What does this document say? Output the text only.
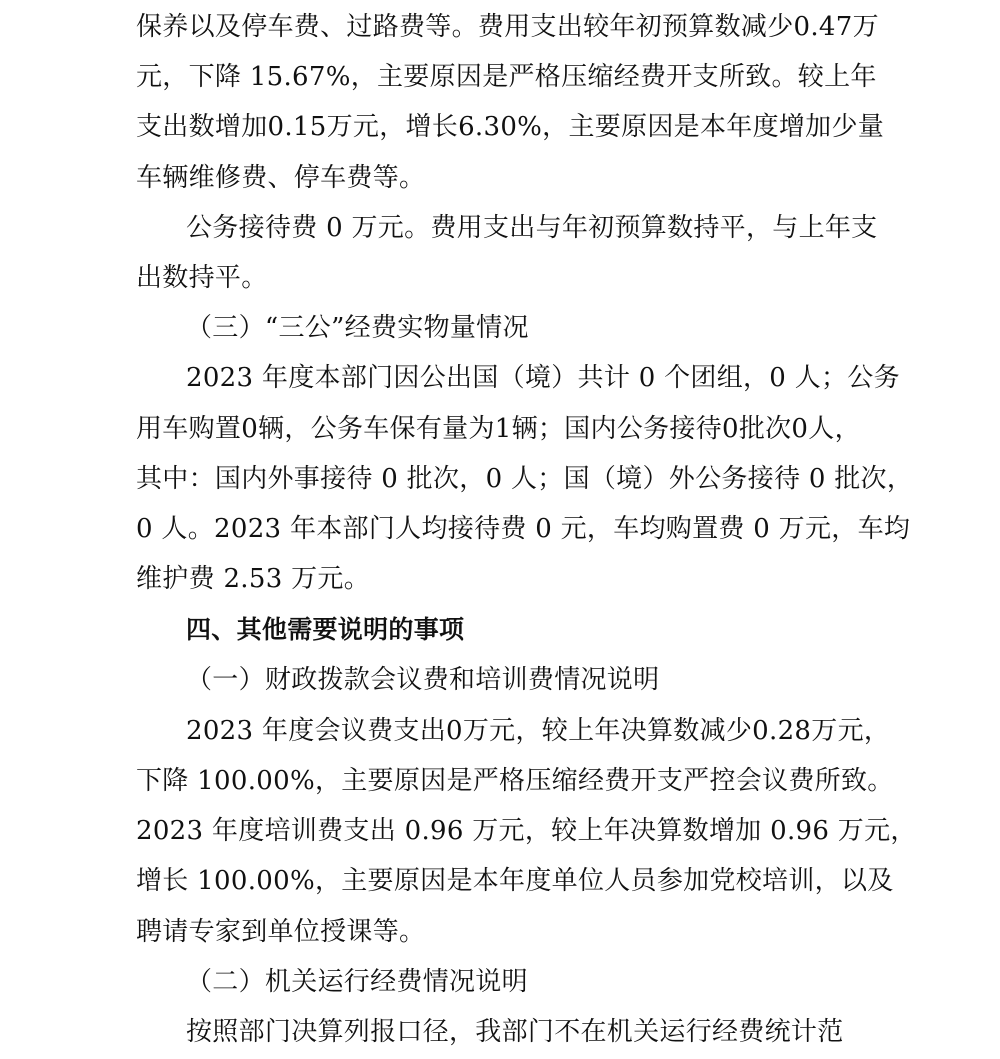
保养以及停车费、过路费等。费用支出较年初预算数减少0.47万
元，下降 15.67%，主要原因是严格压缩经费开支所致。较上年
支出数增加0.15万元，增长6.30%，主要原因是本年度增加少量
车辆维修费、停车费等。
公务接待费 0 万元。费用支出与年初预算数持平，与上年支
出数持平。
（三）“三公”经费实物量情况
2023 年度本部门因公出国（境）共计 0 个团组，0 人；公务
用车购置0辆，公务车保有量为1辆；国内公务接待0批次0人，
其中：国内外事接待 0 批次，0 人；国（境）外公务接待 0 批次，
0 人。2023 年本部门人均接待费 0 元，车均购置费 0 万元，车均
维护费 2.53 万元。
四、其他需要说明的事项
（一）财政拨款会议费和培训费情况说明
2023 年度会议费支出0万元，较上年决算数减少0.28万元，
下降 100.00%，主要原因是严格压缩经费开支严控会议费所致。
2023 年度培训费支出 0.96 万元，较上年决算数增加 0.96 万元，
增长 100.00%，主要原因是本年度单位人员参加党校培训，以及
聘请专家到单位授课等。
（二）机关运行经费情况说明
按照部门决算列报口径，我部门不在机关运行经费统计范
